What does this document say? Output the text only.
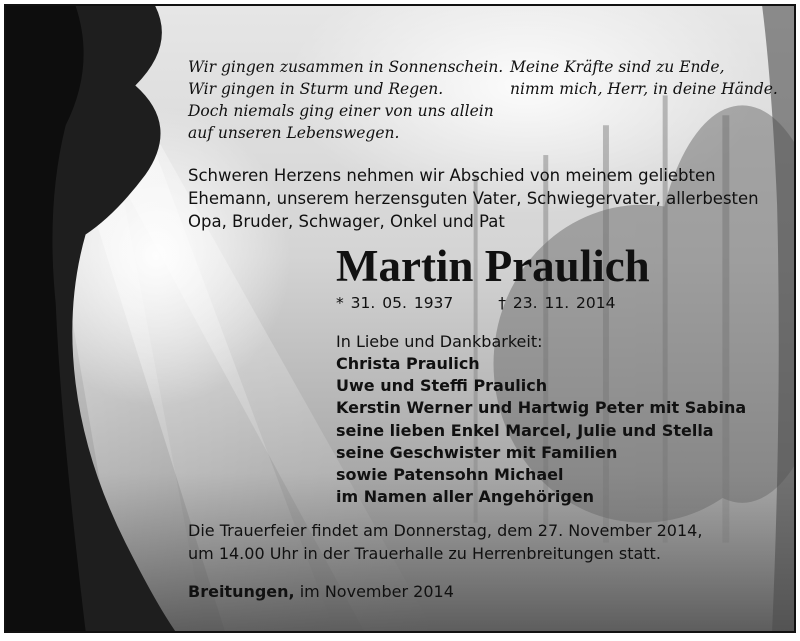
Wir gingen zusammen in Sonnenschein.
Wir gingen in Sturm und Regen.
Doch niemals ging einer von uns allein
auf unseren Lebenswegen.
Meine Kräfte sind zu Ende,
nimm mich, Herr, in deine Hände.
Schweren Herzens nehmen wir Abschied von meinem geliebten
Ehemann, unserem herzensguten Vater, Schwiegervater, allerbesten
Opa, Bruder, Schwager, Onkel und Pat
Martin Praulich
* 31. 05. 1937	† 23. 11. 2014
In Liebe und Dankbarkeit:
Christa Praulich
Uwe und Steffi Praulich
Kerstin Werner und Hartwig Peter mit Sabina
seine lieben Enkel Marcel, Julie und Stella
seine Geschwister mit Familien
sowie Patensohn Michael
im Namen aller Angehörigen
Die Trauerfeier findet am Donnerstag, dem 27. November 2014,
um 14.00 Uhr in der Trauerhalle zu Herrenbreitungen statt.
Breitungen, im November 2014
